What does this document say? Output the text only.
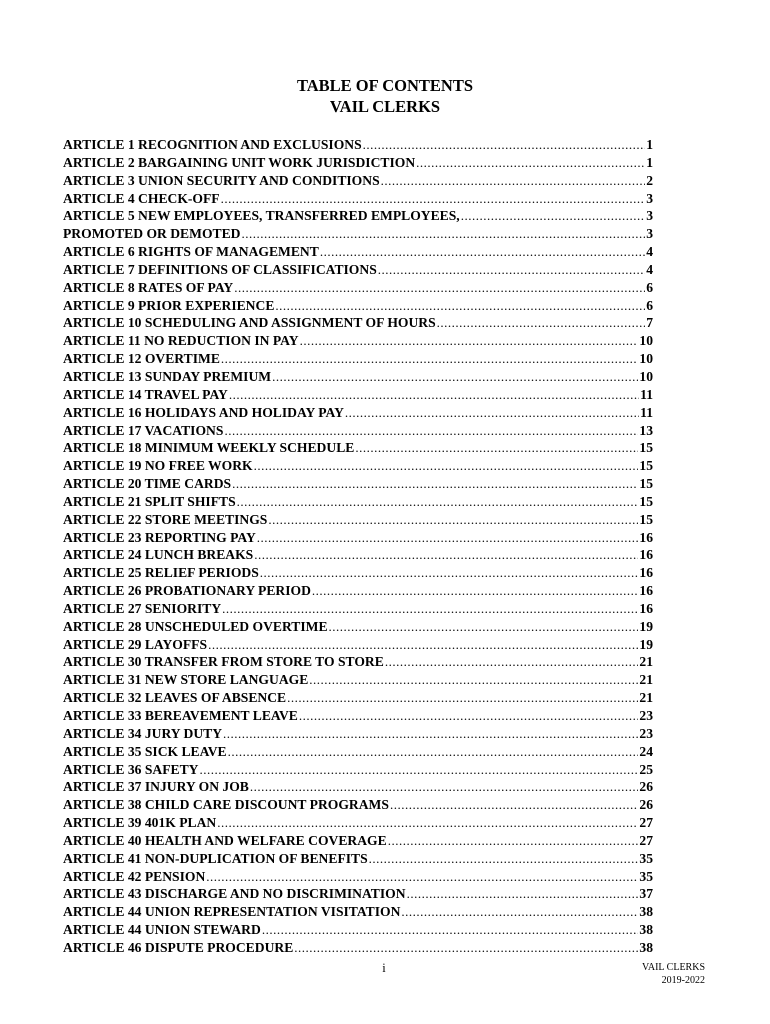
TABLE OF CONTENTS
VAIL CLERKS
ARTICLE 1 RECOGNITION AND EXCLUSIONS .....	1
ARTICLE 2 BARGAINING UNIT WORK JURISDICTION .....	1
ARTICLE 3 UNION SECURITY AND CONDITIONS .....	2
ARTICLE 4 CHECK-OFF .....	3
ARTICLE 5 NEW EMPLOYEES, TRANSFERRED EMPLOYEES, .....	3
PROMOTED OR DEMOTED .....	3
ARTICLE 6 RIGHTS OF MANAGEMENT .....	4
ARTICLE 7 DEFINITIONS OF CLASSIFICATIONS .....	4
ARTICLE 8 RATES OF PAY .....	6
ARTICLE 9 PRIOR EXPERIENCE .....	6
ARTICLE 10 SCHEDULING AND ASSIGNMENT OF HOURS .....	7
ARTICLE 11 NO REDUCTION IN PAY .....	10
ARTICLE 12 OVERTIME .....	10
ARTICLE 13 SUNDAY PREMIUM .....	10
ARTICLE 14 TRAVEL PAY .....	11
ARTICLE 16 HOLIDAYS AND HOLIDAY PAY .....	11
ARTICLE 17 VACATIONS .....	13
ARTICLE 18 MINIMUM WEEKLY SCHEDULE .....	15
ARTICLE 19 NO FREE WORK .....	15
ARTICLE 20 TIME CARDS .....	15
ARTICLE 21 SPLIT SHIFTS .....	15
ARTICLE 22 STORE MEETINGS .....	15
ARTICLE 23 REPORTING PAY .....	16
ARTICLE 24 LUNCH BREAKS .....	16
ARTICLE 25 RELIEF PERIODS .....	16
ARTICLE 26 PROBATIONARY PERIOD .....	16
ARTICLE 27 SENIORITY .....	16
ARTICLE 28 UNSCHEDULED OVERTIME .....	19
ARTICLE 29 LAYOFFS .....	19
ARTICLE 30 TRANSFER FROM STORE TO STORE .....	21
ARTICLE 31 NEW STORE LANGUAGE .....	21
ARTICLE 32 LEAVES OF ABSENCE .....	21
ARTICLE 33 BEREAVEMENT LEAVE .....	23
ARTICLE 34 JURY DUTY .....	23
ARTICLE 35 SICK LEAVE .....	24
ARTICLE 36 SAFETY .....	25
ARTICLE 37 INJURY ON JOB .....	26
ARTICLE 38 CHILD CARE DISCOUNT PROGRAMS .....	26
ARTICLE 39 401K PLAN .....	27
ARTICLE 40 HEALTH AND WELFARE COVERAGE .....	27
ARTICLE 41 NON-DUPLICATION OF BENEFITS .....	35
ARTICLE 42 PENSION .....	35
ARTICLE 43 DISCHARGE AND NO DISCRIMINATION .....	37
ARTICLE 44 UNION REPRESENTATION VISITATION .....	38
ARTICLE 44 UNION STEWARD .....	38
ARTICLE 46 DISPUTE PROCEDURE .....	38
i	VAIL CLERKS
2019-2022
